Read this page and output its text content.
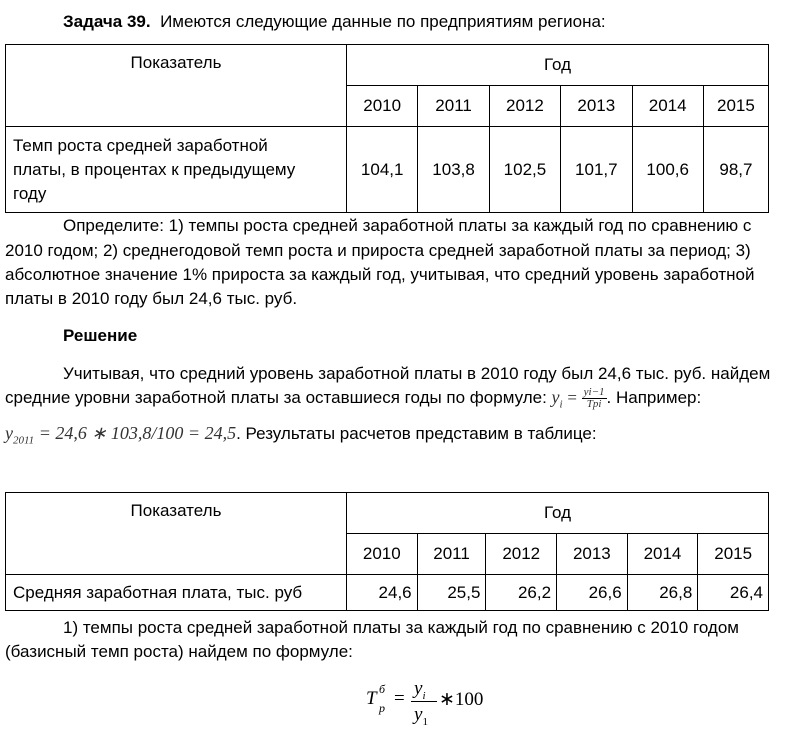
Задача 39. Имеются следующие данные по предприятиям региона:
Показатель	Год					
	2010	2011	2012	2013	2014	2015

Темп роста средней заработной
платы, в процентах к предыдущему
году	104,1	103,8	102,5	101,7	100,6	98,7
Определите: 1) темпы роста средней заработной платы за каждый год по сравнению с
2010 годом; 2) среднегодовой темп роста и прироста средней заработной платы за период; 3)
абсолютное значение 1% прироста за каждый год, учитывая, что средний уровень заработной
платы в 2010 году был 24,6 тыс. руб.
Решение
Учитывая, что средний уровень заработной платы в 2010 году был 24,6 тыс. руб. найдем
средние уровни заработной платы за оставшиеся годы по формуле: $y_i = \frac{yi-1}{\text{Tpi}}$ . Например:
$y_{2011} = 24,6$ ∗ 103,8/100 = 24,5. Результаты расчетов представим в таблице:
Показатель	Год					
	2010	2011	2012	2013	2014	2015
Средняя заработная плата, тыс. руб	24,6	25,5	26,2	26,6	26,8	26,4
1) темпы роста средней заработной платы за каждый год по сравнению с 2010 годом
(базисный темп роста) найдем по формуле:
T б
$p = y_i$
$y_1$
∗100
